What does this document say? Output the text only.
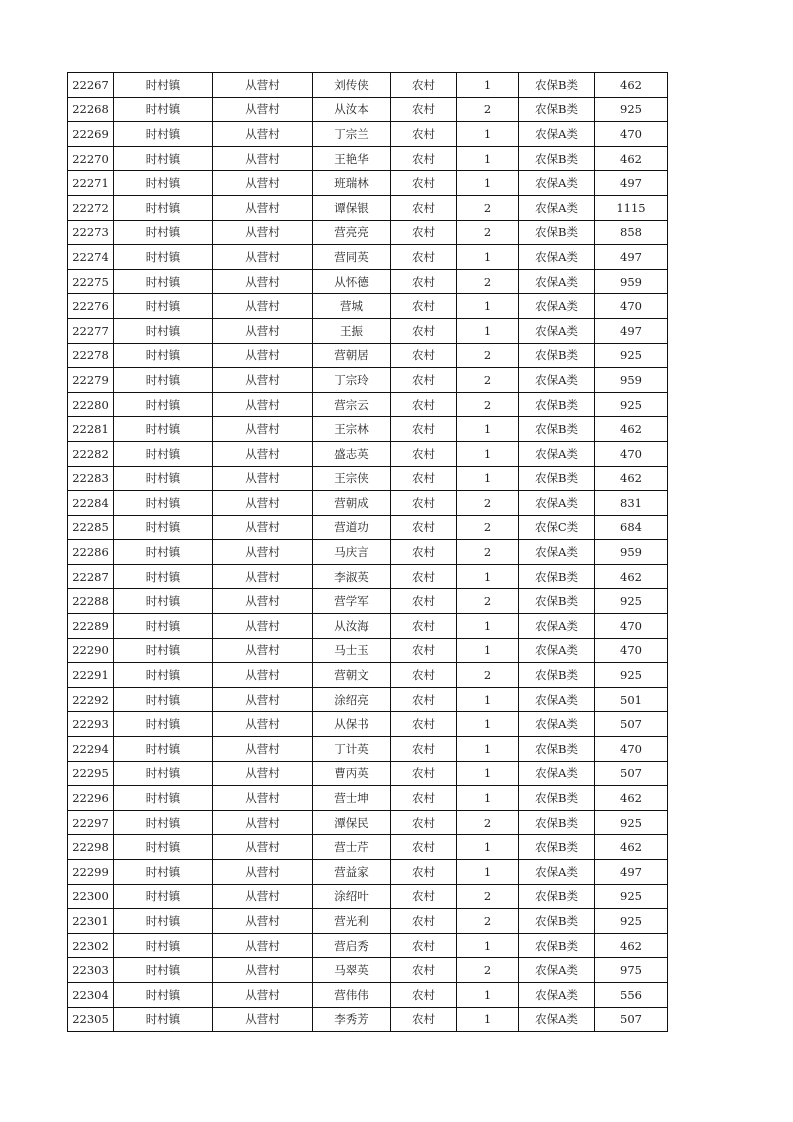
22267	时村镇	从营村	刘传侠	农村	1	农保B类	462
22268	时村镇	从营村	从汝本	农村	2	农保B类	925
22269	时村镇	从营村	丁宗兰	农村	1	农保A类	470
22270	时村镇	从营村	王艳华	农村	1	农保B类	462
22271	时村镇	从营村	班瑞林	农村	1	农保A类	497
22272	时村镇	从营村	谭保银	农村	2	农保A类	1115
22273	时村镇	从营村	营亮亮	农村	2	农保B类	858
22274	时村镇	从营村	营同英	农村	1	农保A类	497
22275	时村镇	从营村	从怀德	农村	2	农保A类	959
22276	时村镇	从营村	营城	农村	1	农保A类	470
22277	时村镇	从营村	王振	农村	1	农保A类	497
22278	时村镇	从营村	营朝居	农村	2	农保B类	925
22279	时村镇	从营村	丁宗玲	农村	2	农保A类	959
22280	时村镇	从营村	营宗云	农村	2	农保B类	925
22281	时村镇	从营村	王宗林	农村	1	农保B类	462
22282	时村镇	从营村	盛志英	农村	1	农保A类	470
22283	时村镇	从营村	王宗侠	农村	1	农保B类	462
22284	时村镇	从营村	营朝成	农村	2	农保A类	831
22285	时村镇	从营村	营道功	农村	2	农保C类	684
22286	时村镇	从营村	马庆言	农村	2	农保A类	959
22287	时村镇	从营村	李淑英	农村	1	农保B类	462
22288	时村镇	从营村	营学军	农村	2	农保B类	925
22289	时村镇	从营村	从汝海	农村	1	农保A类	470
22290	时村镇	从营村	马士玉	农村	1	农保A类	470
22291	时村镇	从营村	营朝文	农村	2	农保B类	925
22292	时村镇	从营村	涂绍亮	农村	1	农保A类	501
22293	时村镇	从营村	从保书	农村	1	农保A类	507
22294	时村镇	从营村	丁计英	农村	1	农保B类	470
22295	时村镇	从营村	曹丙英	农村	1	农保A类	507
22296	时村镇	从营村	营士坤	农村	1	农保B类	462
22297	时村镇	从营村	潭保民	农村	2	农保B类	925
22298	时村镇	从营村	营士芹	农村	1	农保B类	462
22299	时村镇	从营村	营益家	农村	1	农保A类	497
22300	时村镇	从营村	涂绍叶	农村	2	农保B类	925
22301	时村镇	从营村	营光利	农村	2	农保B类	925
22302	时村镇	从营村	营启秀	农村	1	农保B类	462
22303	时村镇	从营村	马翠英	农村	2	农保A类	975
22304	时村镇	从营村	营伟伟	农村	1	农保A类	556
22305	时村镇	从营村	李秀芳	农村	1	农保A类	507
